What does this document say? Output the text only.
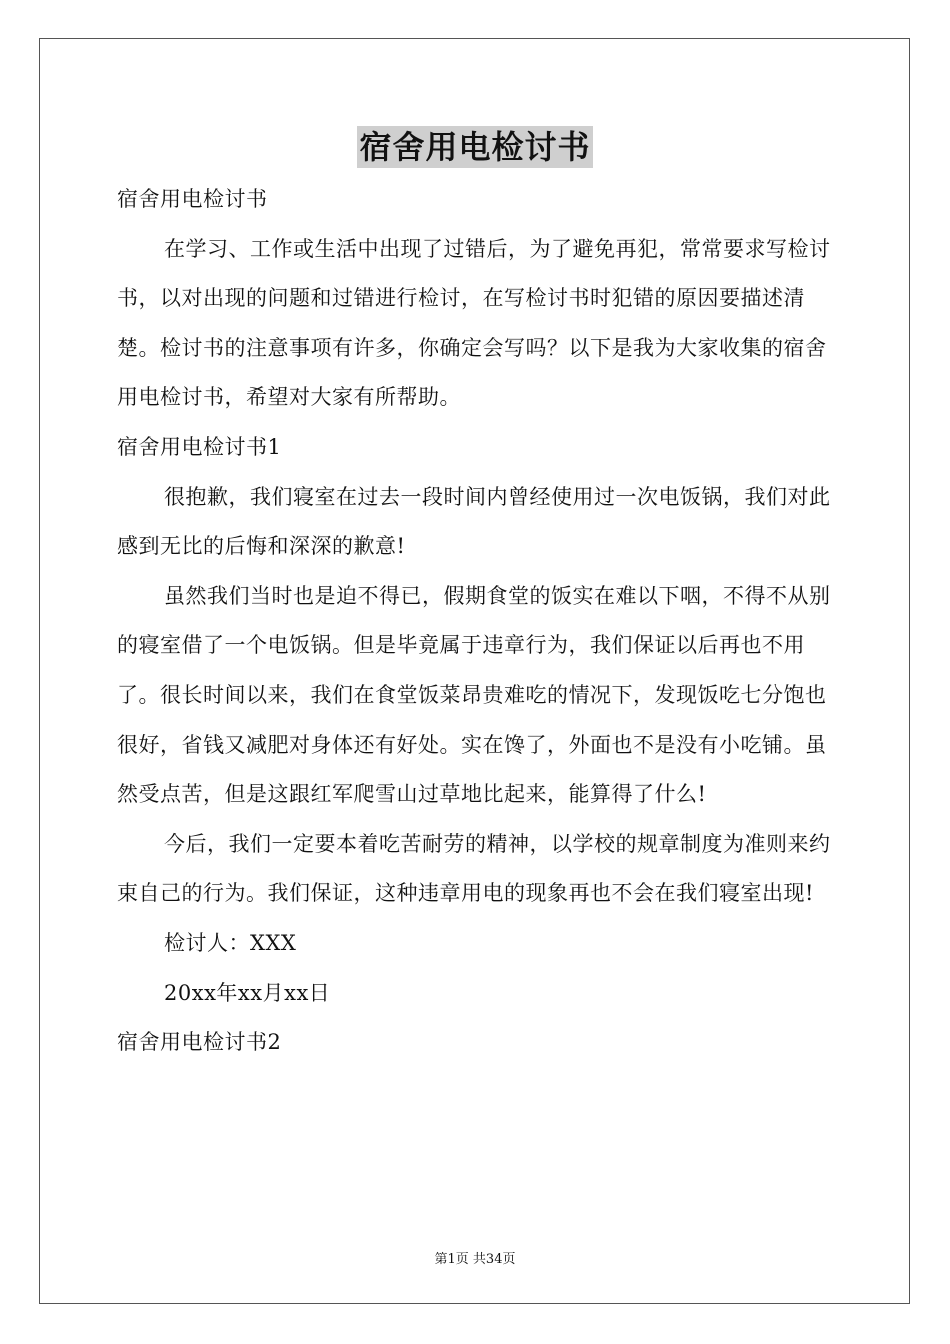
宿舍用电检讨书
宿舍用电检讨书
在学习、工作或生活中出现了过错后，为了避免再犯，常常要求写检讨书，以对出现的问题和过错进行检讨，在写检讨书时犯错的原因要描述清楚。检讨书的注意事项有许多，你确定会写吗？以下是我为大家收集的宿舍用电检讨书，希望对大家有所帮助。
宿舍用电检讨书1
很抱歉，我们寝室在过去一段时间内曾经使用过一次电饭锅，我们对此感到无比的后悔和深深的歉意!
虽然我们当时也是迫不得已，假期食堂的饭实在难以下咽，不得不从别的寝室借了一个电饭锅。但是毕竟属于违章行为，我们保证以后再也不用了。很长时间以来，我们在食堂饭菜昂贵难吃的情况下，发现饭吃七分饱也很好，省钱又减肥对身体还有好处。实在馋了，外面也不是没有小吃铺。虽然受点苦，但是这跟红军爬雪山过草地比起来，能算得了什么!
今后，我们一定要本着吃苦耐劳的精神，以学校的规章制度为准则来约束自己的行为。我们保证，这种违章用电的现象再也不会在我们寝室出现!
检讨人：XXX
20xx年xx月xx日
宿舍用电检讨书2
第1页 共34页
